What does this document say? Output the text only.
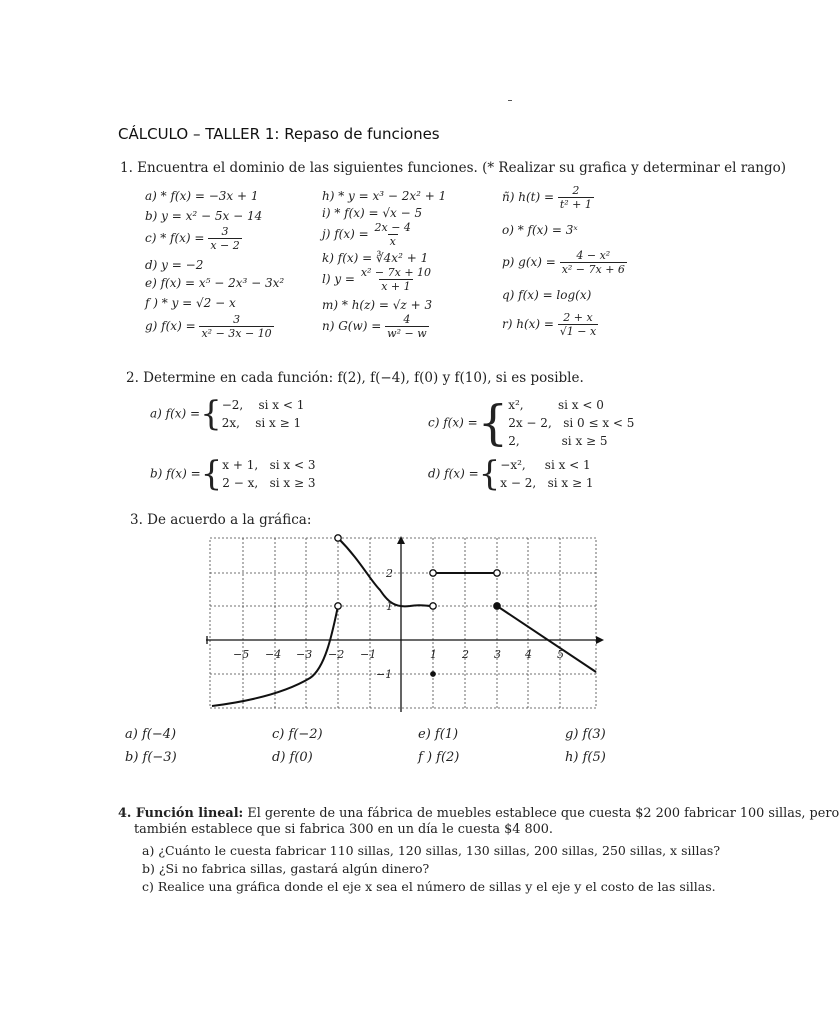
CÁLCULO – TALLER 1: Repaso de funciones
1. Encuentra el dominio de las siguientes funciones. (* Realizar su grafica y determinar el rango)
a) * f(x) = −3x + 1
b) y = x² − 5x − 14
$c) * f(x) = \frac{3}{x - 2}$
d) y = −2
e) f(x) = x⁵ − 2x³ − 3x²
f ) * y = √2 − x
g) $f(x) = \frac{3}{\text{x² − 3x − 10}}$
h) * y = x³ − 2x² + 1
i) * f(x) = √x − 5
j) $f(x) = \frac{2x - 4}{x}$
k) f(x) = ∛4x² + 1
l) $y = \frac{\text{x² − 7x + 10}}{x + 1}$
m) * h(z) = √z + 3
n) $G(w) = \frac{4}{\text{w² − w}}$
ñ) $h(t) = \frac{2}{\text{t² + 1}}$
o) * f(x) = 3ˣ
p) $g(x) = \frac{\text{4 − x²}}{\text{x² − 7x + 6}}$
q) f(x) = log(x)
r) $h(x) = \frac{2 + x}{√1 - x}$
2. Determine en cada función: f(2), f(−4), f(0) y f(10), si es posible.
a) f(x) ={ −2,    si x < 1
2x,    si x ≥ 1	c) f(x) ={ x²,         si x < 0
2x − 2,   si 0 ≤ x < 5
2,           si x ≥ 5
b) f(x) ={ x + 1,   si x < 3
2 − x,   si x ≥ 3
d) f(x) ={ −x²,     si x < 1
x − 2,   si x ≥ 1
3. De acuerdo a la gráfica:
−5 −4 −3 −2 −1	1 2 3 4 5
2
1
−1
a) f(−4)
b) f(−3)
c) f(−2)
d) f(0)
e) f(1)
f ) f(2)
g) f(3)
h) f(5)
4. Función lineal: El gerente de una fábrica de muebles establece que cuesta $2 200 fabricar 100 sillas, pero
también establece que si fabrica 300 en un día le cuesta $4 800.
a) ¿Cuánto le cuesta fabricar 110 sillas, 120 sillas, 130 sillas, 200 sillas, 250 sillas, x sillas?
b) ¿Si no fabrica sillas, gastará algún dinero?
c) Realice una gráfica donde el eje x sea el número de sillas y el eje y el costo de las sillas.
